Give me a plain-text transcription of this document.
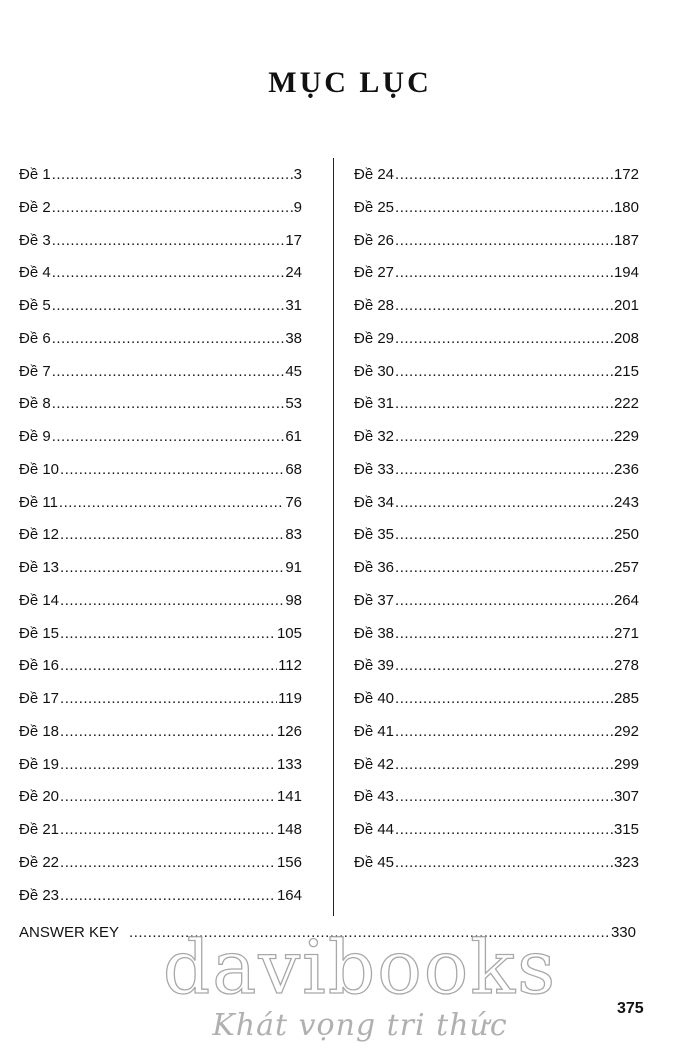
MỤC LỤC
Đề 1 .....	3
Đề 2 .....	9
Đề 3 .....	17
Đề 4 .....	24
Đề 5 .....	31
Đề 6 .....	38
Đề 7 .....	45
Đề 8 .....	53
Đề 9 .....	61
Đề 10 .....	68
Đề 11 .....	76
Đề 12 .....	83
Đề 13 .....	91
Đề 14 .....	98
Đề 15 .....	105
Đề 16 .....	112
Đề 17 .....	119
Đề 18 .....	126
Đề 19 .....	133
Đề 20 .....	141
Đề 21 .....	148
Đề 22 .....	156
Đề 23 .....	164
Đề 24 .....	172
Đề 25 .....	180
Đề 26 .....	187
Đề 27 .....	194
Đề 28 .....	201
Đề 29 .....	208
Đề 30 .....	215
Đề 31 .....	222
Đề 32 .....	229
Đề 33 .....	236
Đề 34 .....	243
Đề 35 .....	250
Đề 36 .....	257
Đề 37 .....	264
Đề 38 .....	271
Đề 39 .....	278
Đề 40 .....	285
Đề 41 .....	292
Đề 42 .....	299
Đề 43 .....	307
Đề 44 .....	315
Đề 45 .....	323
ANSWER KEY .....	330
davibooks
Khát vọng tri thức	375
